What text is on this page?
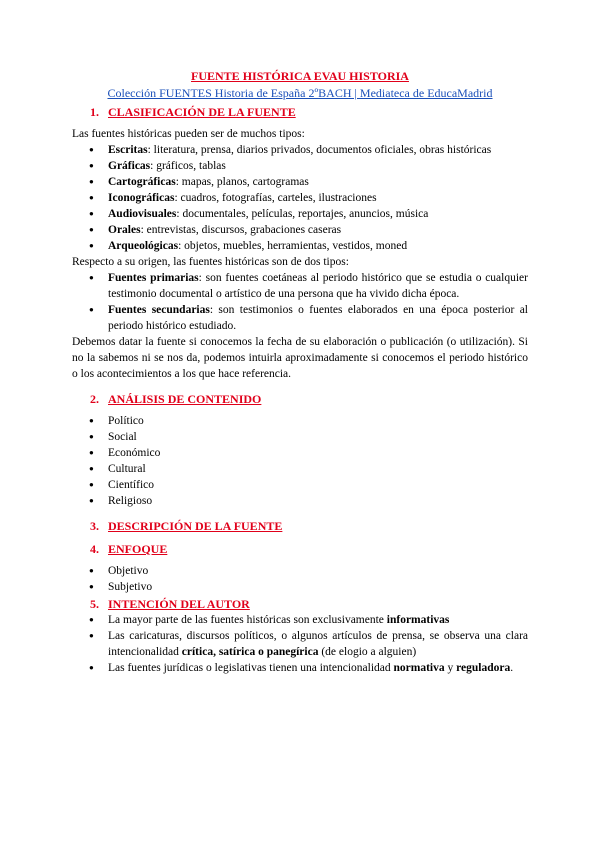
FUENTE HISTÓRICA EVAU HISTORIA

Colección FUENTES Historia de España 2ºBACH | Mediateca de EducaMadrid

1. CLASIFICACIÓN DE LA FUENTE

Las fuentes históricas pueden ser de muchos tipos:

● Escritas: literatura, prensa, diarios privados, documentos oficiales, obras históricas
● Gráficas: gráficos, tablas
● Cartográficas: mapas, planos, cartogramas
● Iconográficas: cuadros, fotografías, carteles, ilustraciones
● Audiovisuales: documentales, películas, reportajes, anuncios, música
● Orales: entrevistas, discursos, grabaciones caseras
● Arqueológicas: objetos, muebles, herramientas, vestidos, moned

Respecto a su origen, las fuentes históricas son de dos tipos:

● Fuentes primarias: son fuentes coetáneas al periodo histórico que se estudia o cualquier testimonio documental o artístico de una persona que ha vivido dicha época.
● Fuentes secundarias: son testimonios o fuentes elaborados en una época posterior al periodo histórico estudiado.

Debemos datar la fuente si conocemos la fecha de su elaboración o publicación (o utilización). Si no la sabemos ni se nos da, podemos intuirla aproximadamente si conocemos el periodo histórico o los acontecimientos a los que hace referencia.

2. ANÁLISIS DE CONTENIDO
● Político
● Social
● Económico
● Cultural
● Científico
● Religioso
3. DESCRIPCIÓN DE LA FUENTE
4. ENFOQUE
● Objetivo
● Subjetivo
5. INTENCIÓN DEL AUTOR
● La mayor parte de las fuentes históricas son exclusivamente informativas
● Las caricaturas, discursos políticos, o algunos artículos de prensa, se observa una clara intencionalidad crítica, satírica o panegírica (de elogio a alguien)
● Las fuentes jurídicas o legislativas tienen una intencionalidad normativa y reguladora.
